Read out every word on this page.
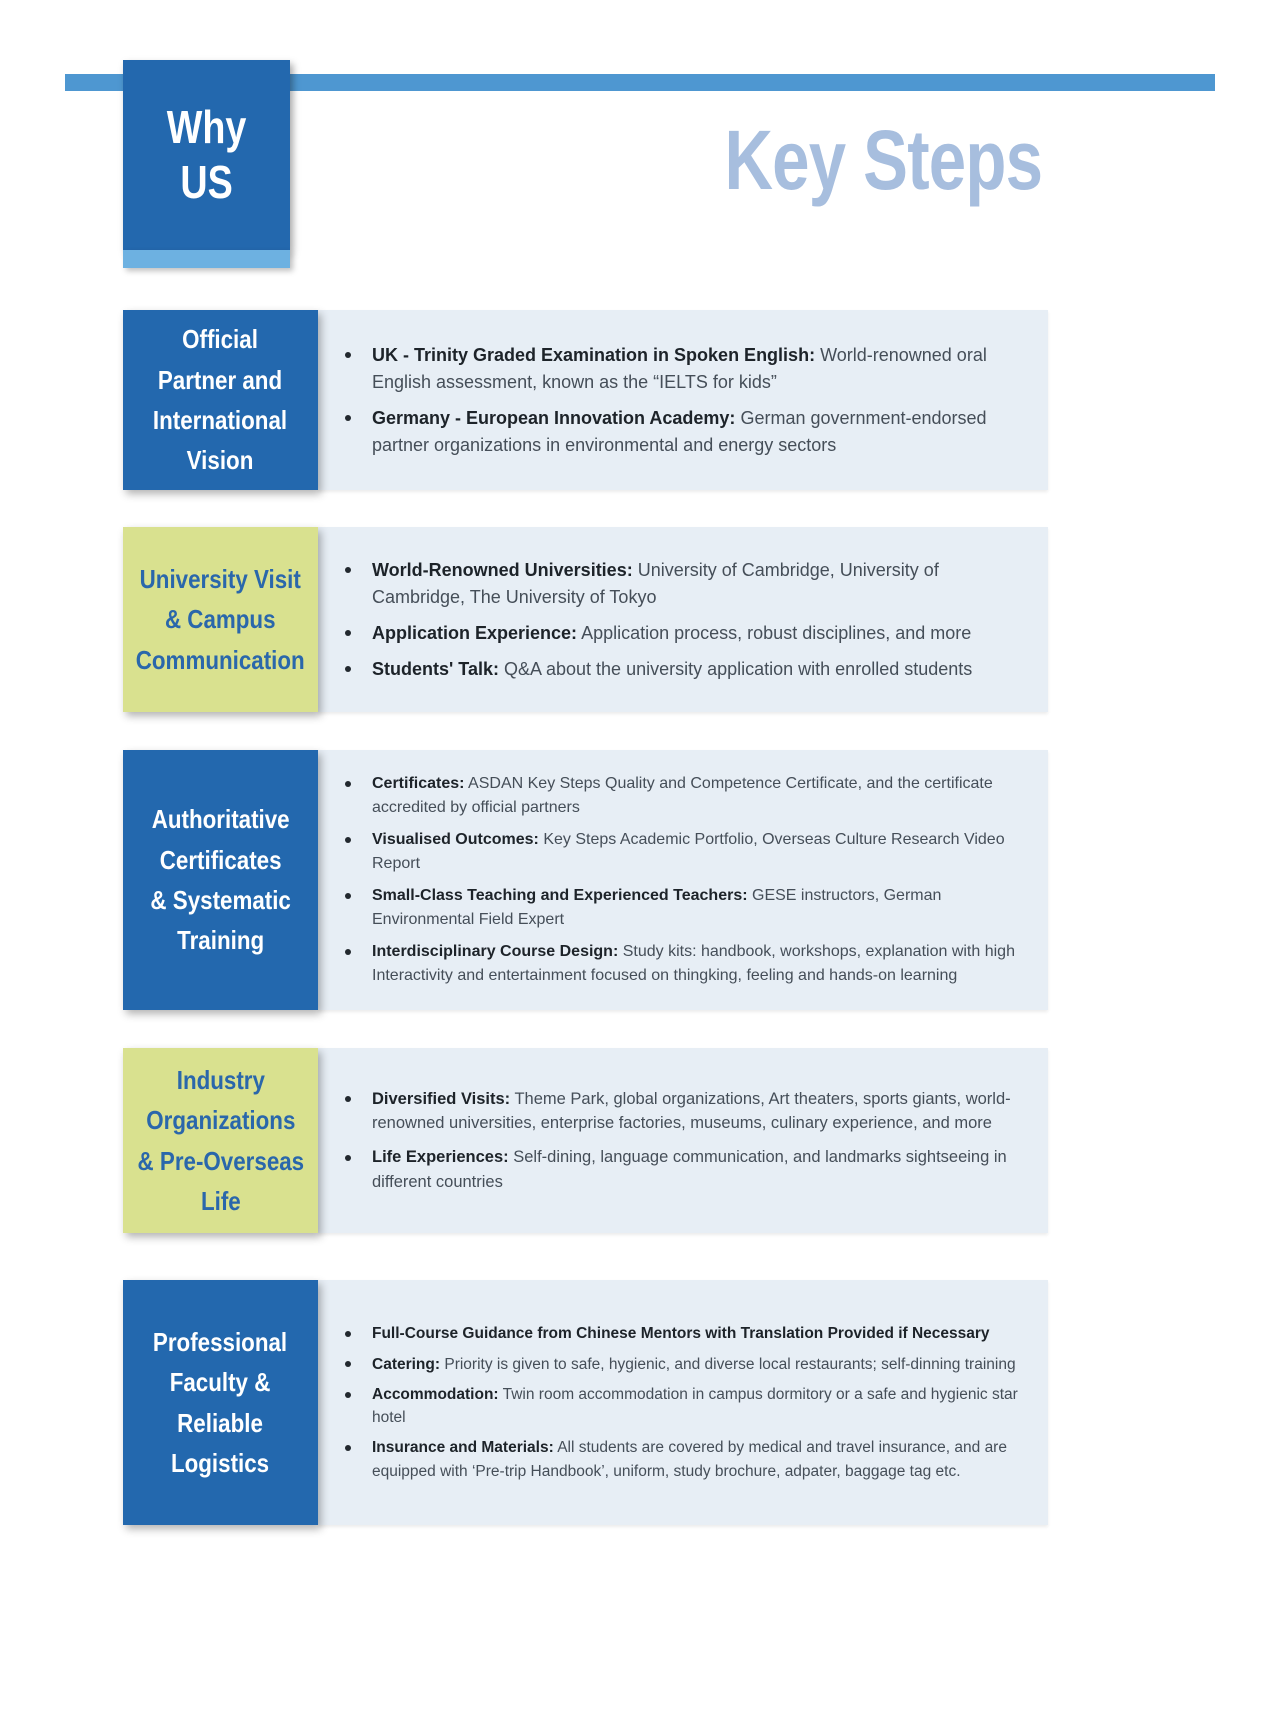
Why
US	Key Steps
Official
Partner and
International
Vision
UK - Trinity Graded Examination in Spoken English: World-renowned oral English assessment, known as the “IELTS for kids”
Germany - European Innovation Academy: German government-endorsed partner organizations in environmental and energy sectors
University Visit
& Campus
Communication
World-Renowned Universities: University of Cambridge, University of Cambridge, The University of Tokyo
Application Experience: Application process, robust disciplines, and more
Students' Talk: Q&A about the university application with enrolled students
Authoritative
Certificates
& Systematic
Training
Certificates: ASDAN Key Steps Quality and Competence Certificate, and the certificate accredited by official partners
Visualised Outcomes: Key Steps Academic Portfolio, Overseas Culture Research Video Report
Small-Class Teaching and Experienced Teachers: GESE instructors, German Environmental Field Expert
Interdisciplinary Course Design: Study kits: handbook, workshops, explanation with high Interactivity and entertainment focused on thingking, feeling and hands-on learning
Industry
Organizations
& Pre-Overseas
Life
Diversified Visits: Theme Park, global organizations, Art theaters, sports giants, world-renowned universities, enterprise factories, museums, culinary experience, and more
Life Experiences: Self-dining, language communication, and landmarks sightseeing in different countries
Professional
Faculty &
Reliable
Logistics
Full-Course Guidance from Chinese Mentors with Translation Provided if Necessary
Catering: Priority is given to safe, hygienic, and diverse local restaurants; self-dinning training
Accommodation: Twin room accommodation in campus dormitory or a safe and hygienic star hotel
Insurance and Materials: All students are covered by medical and travel insurance, and are equipped with ‘Pre-trip Handbook’, uniform, study brochure, adpater, baggage tag etc.
